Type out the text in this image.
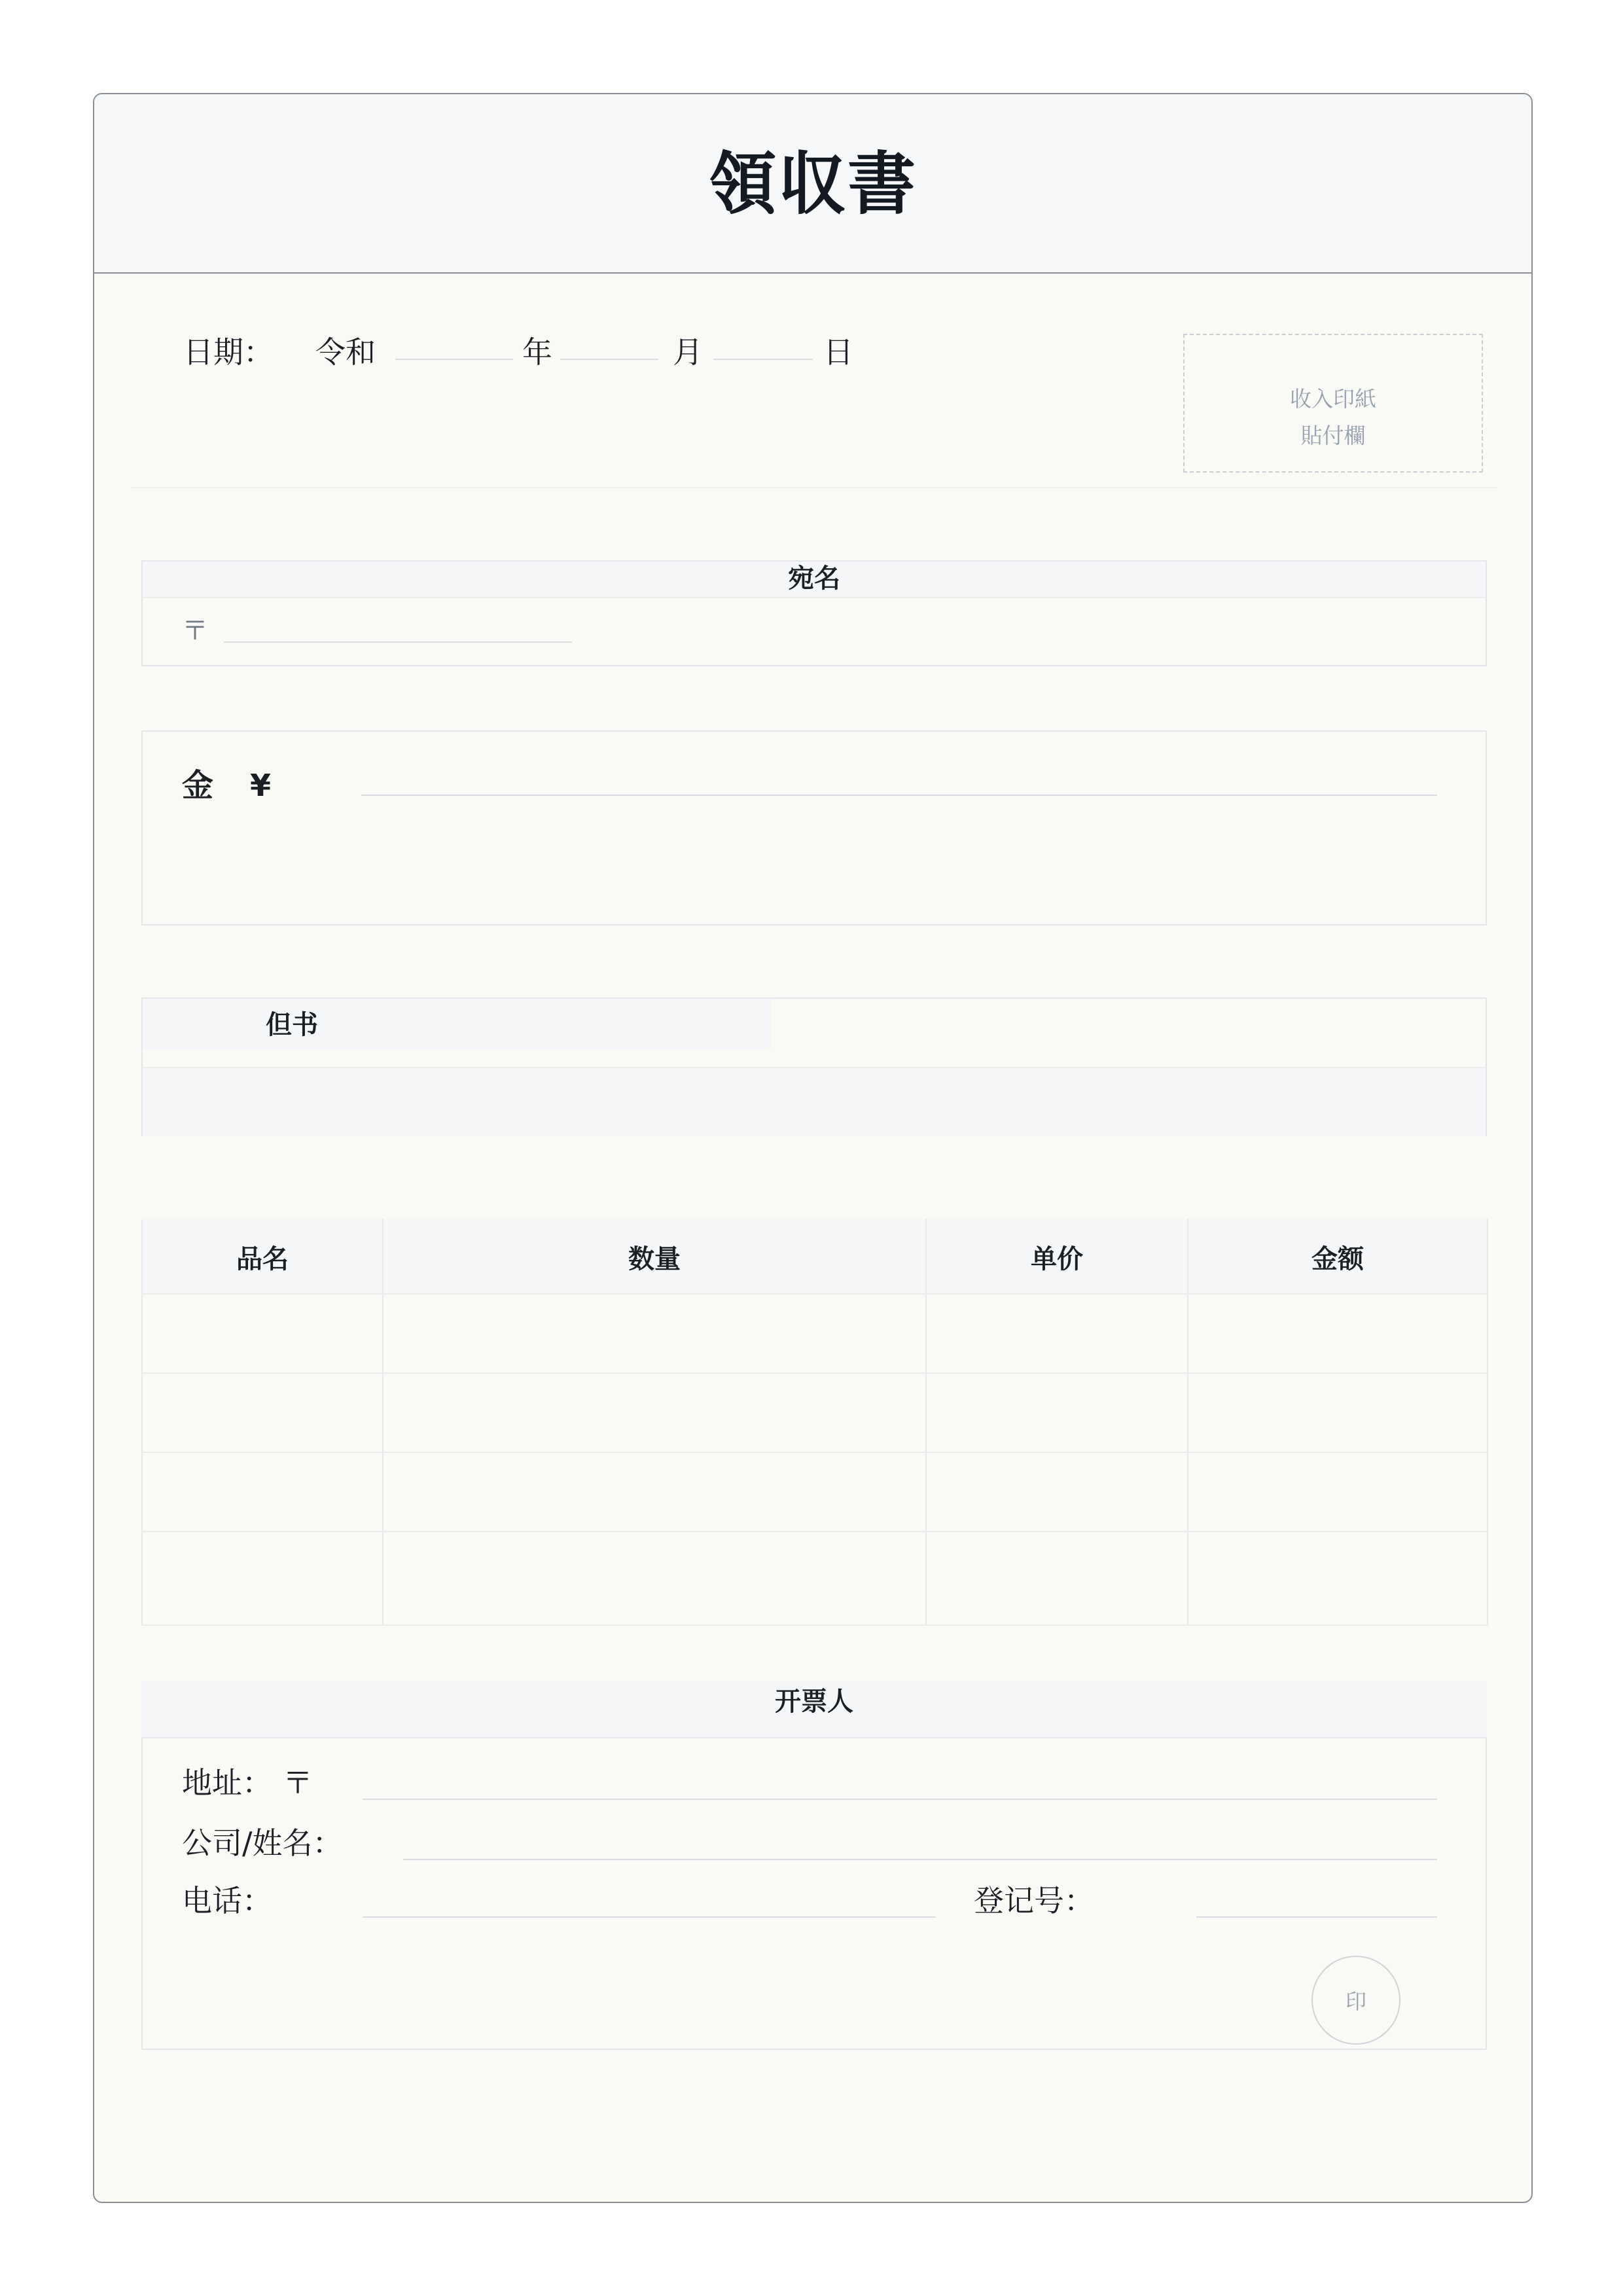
領収書
日期： 令和	年	月	日
收入印紙
貼付欄
宛名
〒
金 ¥
但书
品名	数量	单价	金额

开票人
地址： 〒
公司/姓名：
电话：	登记号：
印
